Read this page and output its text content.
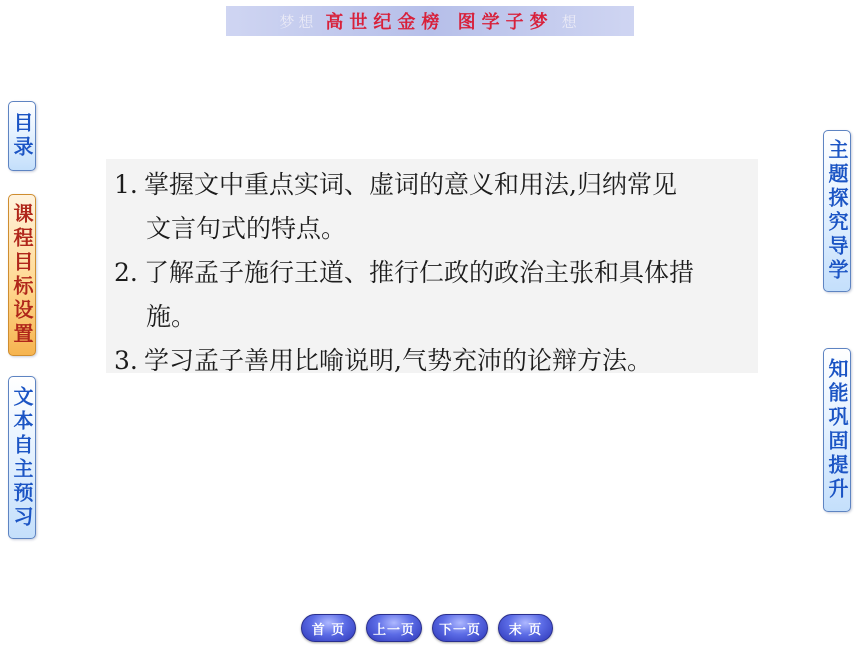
梦想 高世纪金榜 图学子梦 想
目录
课程目标设置
文本自主预习
主题探究导学
知能巩固提升
1. 掌握文中重点实词、虚词的意义和用法,归纳常见
文言句式的特点。
2. 了解孟子施行王道、推行仁政的政治主张和具体措
施。
3. 学习孟子善用比喻说明,气势充沛的论辩方法。
首 页 上一页 下一页 末 页
